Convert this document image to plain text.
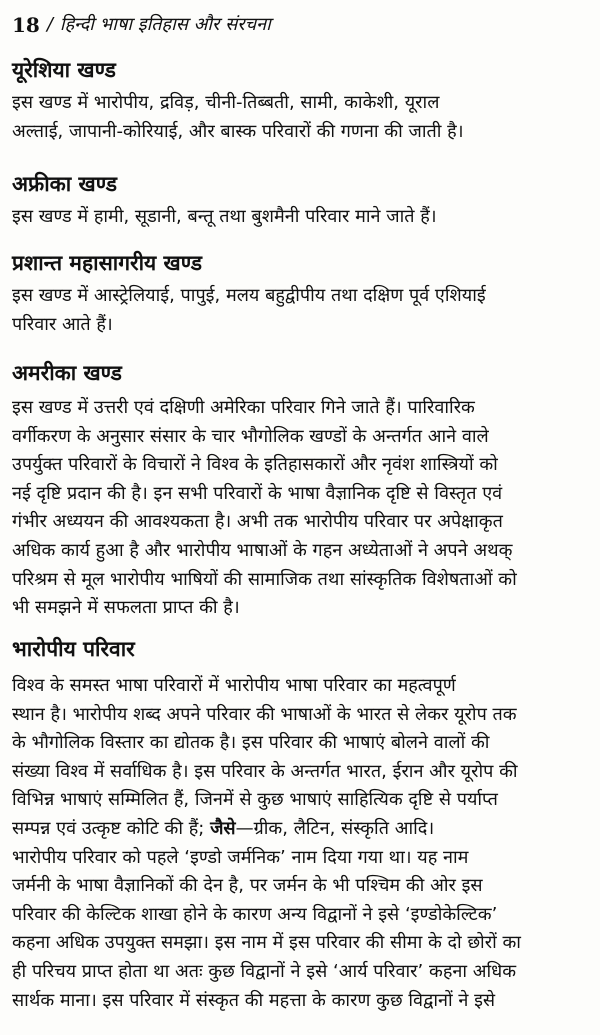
18 / हिन्दी भाषा इतिहास और संरचना
यूरेशिया खण्ड

इस खण्ड में भारोपीय, द्रविड़, चीनी-तिब्बती, सामी, काकेशी, यूराल
अल्ताई, जापानी-कोरियाई, और बास्क परिवारों की गणना की जाती है।

अफ्रीका खण्ड

इस खण्ड में हामी, सूडानी, बन्तू तथा बुशमैनी परिवार माने जाते हैं।

प्रशान्त महासागरीय खण्ड

इस खण्ड में आस्ट्रेलियाई, पापुई, मलय बहुद्वीपीय तथा दक्षिण पूर्व एशियाई
परिवार आते हैं।

अमरीका खण्ड

इस खण्ड में उत्तरी एवं दक्षिणी अमेरिका परिवार गिने जाते हैं। पारिवारिक
वर्गीकरण के अनुसार संसार के चार भौगोलिक खण्डों के अन्तर्गत आने वाले
उपर्युक्त परिवारों के विचारों ने विश्व के इतिहासकारों और नृवंश शास्त्रियों को
नई दृष्टि प्रदान की है। इन सभी परिवारों के भाषा वैज्ञानिक दृष्टि से विस्तृत एवं
गंभीर अध्ययन की आवश्यकता है। अभी तक भारोपीय परिवार पर अपेक्षाकृत
अधिक कार्य हुआ है और भारोपीय भाषाओं के गहन अध्येताओं ने अपने अथक्
परिश्रम से मूल भारोपीय भाषियों की सामाजिक तथा सांस्कृतिक विशेषताओं को
भी समझने में सफलता प्राप्त की है।

भारोपीय परिवार

विश्व के समस्त भाषा परिवारों में भारोपीय भाषा परिवार का महत्वपूर्ण
स्थान है। भारोपीय शब्द अपने परिवार की भाषाओं के भारत से लेकर यूरोप तक
के भौगोलिक विस्तार का द्योतक है। इस परिवार की भाषाएं बोलने वालों की
संख्या विश्व में सर्वाधिक है। इस परिवार के अन्तर्गत भारत, ईरान और यूरोप की
विभिन्न भाषाएं सम्मिलित हैं, जिनमें से कुछ भाषाएं साहित्यिक दृष्टि से पर्याप्त
सम्पन्न एवं उत्कृष्ट कोटि की हैं; जैसे—ग्रीक, लैटिन, संस्कृति आदि।

भारोपीय परिवार को पहले ‘इण्डो जर्मनिक’ नाम दिया गया था। यह नाम
जर्मनी के भाषा वैज्ञानिकों की देन है, पर जर्मन के भी पश्चिम की ओर इस
परिवार की केल्टिक शाखा होने के कारण अन्य विद्वानों ने इसे ‘इण्डोकेल्टिक’
कहना अधिक उपयुक्त समझा। इस नाम में इस परिवार की सीमा के दो छोरों का
ही परिचय प्राप्त होता था अतः कुछ विद्वानों ने इसे ‘आर्य परिवार’ कहना अधिक
सार्थक माना। इस परिवार में संस्कृत की महत्ता के कारण कुछ विद्वानों ने इसे
